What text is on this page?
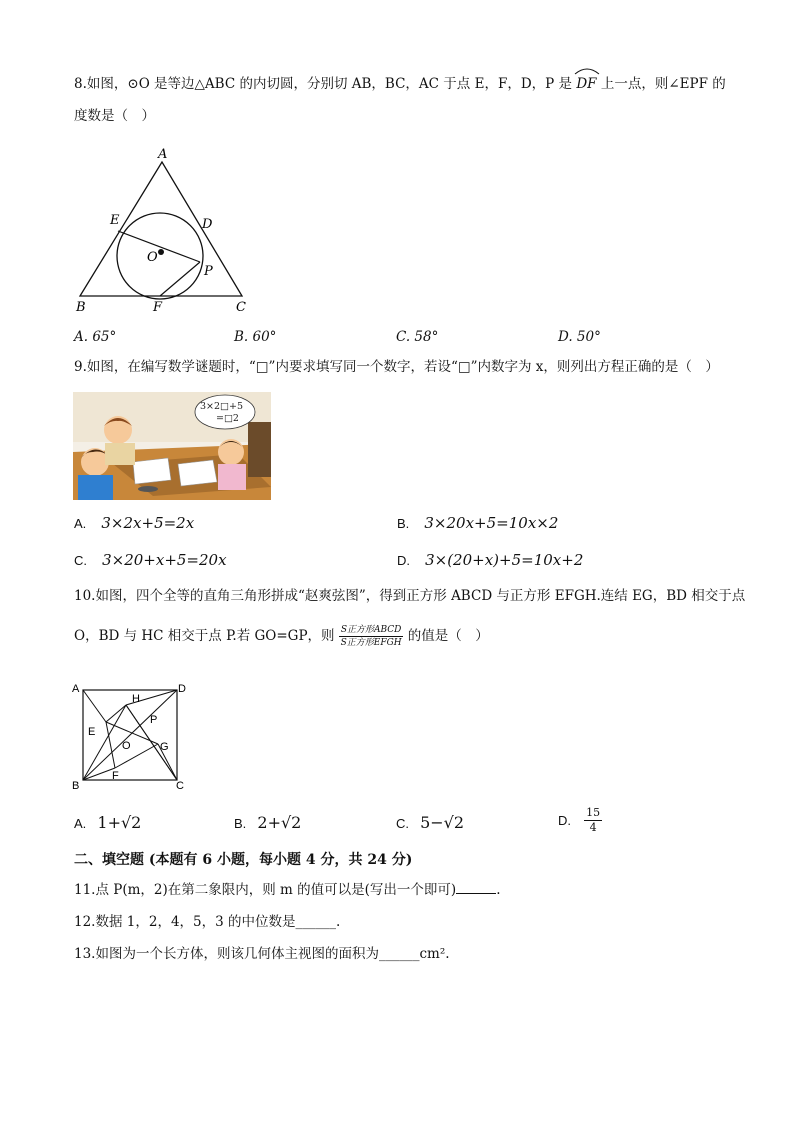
8.如图，⊙O 是等边△ABC 的内切圆，分别切 AB，BC，AC 于点 E，F，D，P 是 DF 上一点，则∠EPF 的
度数是（　）
A
B	C
D
E
F
O
P
A. 65°	B. 60°	C. 58°	D. 50°
9.如图，在编写数学谜题时，“□”内要求填写同一个数字，若设“□”内数字为 x，则列出方程正确的是（　）
3×2□+5
=□2
A. 3×2x+5=2x	B. 3×20x+5=10x×2
C. 3×20+x+5=20x	D. 3×(20+x)+5=10x+2
10.如图，四个全等的直角三角形拼成“赵爽弦图”，得到正方形 ABCD 与正方形 EFGH.连结 EG，BD 相交于点
O，BD 与 HC 相交于点 P.若 GO=GP，则 $\frac{\text{S正方形ABCD}}{\text{S正方形EFGH}}$ 的值是（　）
A	D
B	C
H
P
E
O	G
F
A. 1+√2	B. 2+√2	C. 5−√2	D. $\frac{15}{4}$
二、填空题 (本题有 6 小题，每小题 4 分，共 24 分)
11.点 P(m，2)在第二象限内，则 m 的值可以是(写出一个即可)	.
12.数据 1，2，4，5，3 的中位数是______.
13.如图为一个长方体，则该几何体主视图的面积为______cm².
